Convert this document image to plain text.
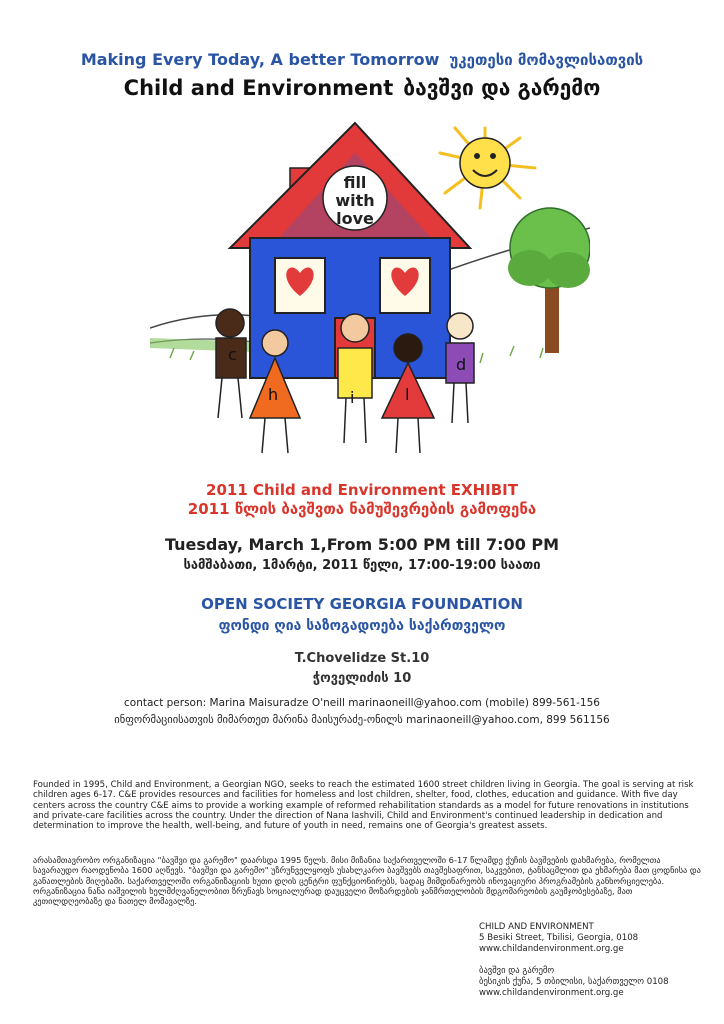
Making Every Today, A better Tomorrow უკეთესი მომავლისათვის
Child and Environment ბავშვი და გარემო
fill
with
love
c
h	i	l
d
2011 Child and Environment EXHIBIT
2011 წლის ბავშვთა ნამუშევრების გამოფენა
Tuesday, March 1,From 5:00 PM till 7:00 PM
სამშაბათი, 1მარტი, 2011 წელი, 17:00-19:00 საათი
OPEN SOCIETY GEORGIA FOUNDATION
ფონდი ღია საზოგადოება საქართველო
T.Chovelidze St.10
ჭოველიძის 10
contact person: Marina Maisuradze O'neill marinaoneill@yahoo.com (mobile) 899-561-156
ინფორმაციისათვის მიმართეთ მარინა მაისურაძე-ონილს marinaoneill@yahoo.com, 899 561156
Founded in 1995, Child and Environment, a Georgian NGO, seeks to reach the estimated 1600 street children living in Georgia. The goal is serving at risk children ages 6-17. C&E provides resources and facilities for homeless and lost children, shelter, food, clothes, education and guidance. With five day centers across the country C&E aims to provide a working example of reformed rehabilitation standards as a model for future renovations in institutions and private-care facilities across the country. Under the direction of Nana Iashvili, Child and Environment's continued leadership in dedication and determination to improve the health, well-being, and future of youth in need, remains one of Georgia's greatest assets.
არასამთავრობო ორგანიზაცია "ბავშვი და გარემო" დაარსდა 1995 წელს. მისი მიზანია საქართველოში 6-17 წლამდე ქუჩის ბავშვების დახმარება, რომელთა სავარაუდო რაოდენობა 1600 აღწევს. "ბავშვი და გარემო" უზრუნველყოფს უსახლკარო ბავშვებს თავშესაფრით, საკვებით, ტანსაცმლით და ეხმარება მათ ცოდნისა და განათლების მიღებაში. საქართველოში ორგანიზაციის ხუთი დღის ცენტრი ფუნქციონირებს, სადაც მიმდინარეობს ინოვაციური პროგრამების განხორციელება. ორგანიზაცია ნანა იაშვილის ხელმძღვანელობით ზრუნავს სოციალურად დაუცველი მოზარდების ჯანმრთელობის მდგომარეობის გაუმჯობესებაზე, მათ კეთილდღეობაზე და ნათელ მომავალზე.
CHILD AND ENVIRONMENT
5 Besiki Street, Tbilisi, Georgia, 0108
www.childandenvironment.org.ge
ბავშვი და გარემო
ბესიკის ქუჩა, 5 თბილისი, საქართველო 0108
www.childandenvironment.org.ge
